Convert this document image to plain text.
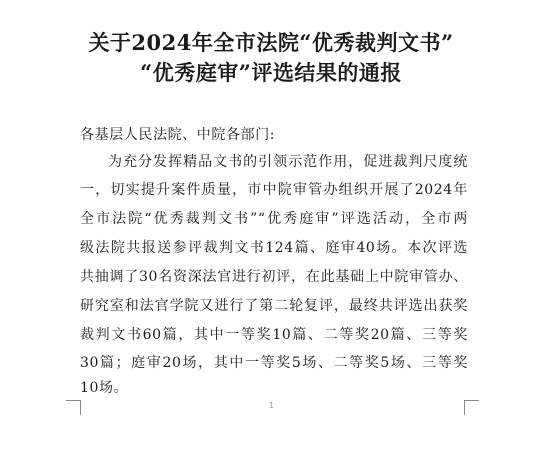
关于2024年全市法院“优秀裁判文书”
“优秀庭审”评选结果的通报
各基层人民法院、中院各部门:
为充分发挥精品文书的引领示范作用，促进裁判尺度统
一，切实提升案件质量，市中院审管办组织开展了2024年
全市法院“优秀裁判文书”“优秀庭审”评选活动，全市两
级法院共报送参评裁判文书124篇、庭审40场。本次评选
共抽调了30名资深法官进行初评，在此基础上中院审管办、
研究室和法官学院又进行了第二轮复评，最终共评选出获奖
裁判文书60篇，其中一等奖10篇、二等奖20篇、三等奖
30篇；庭审20场，其中一等奖5场、二等奖5场、三等奖
10场。
1
